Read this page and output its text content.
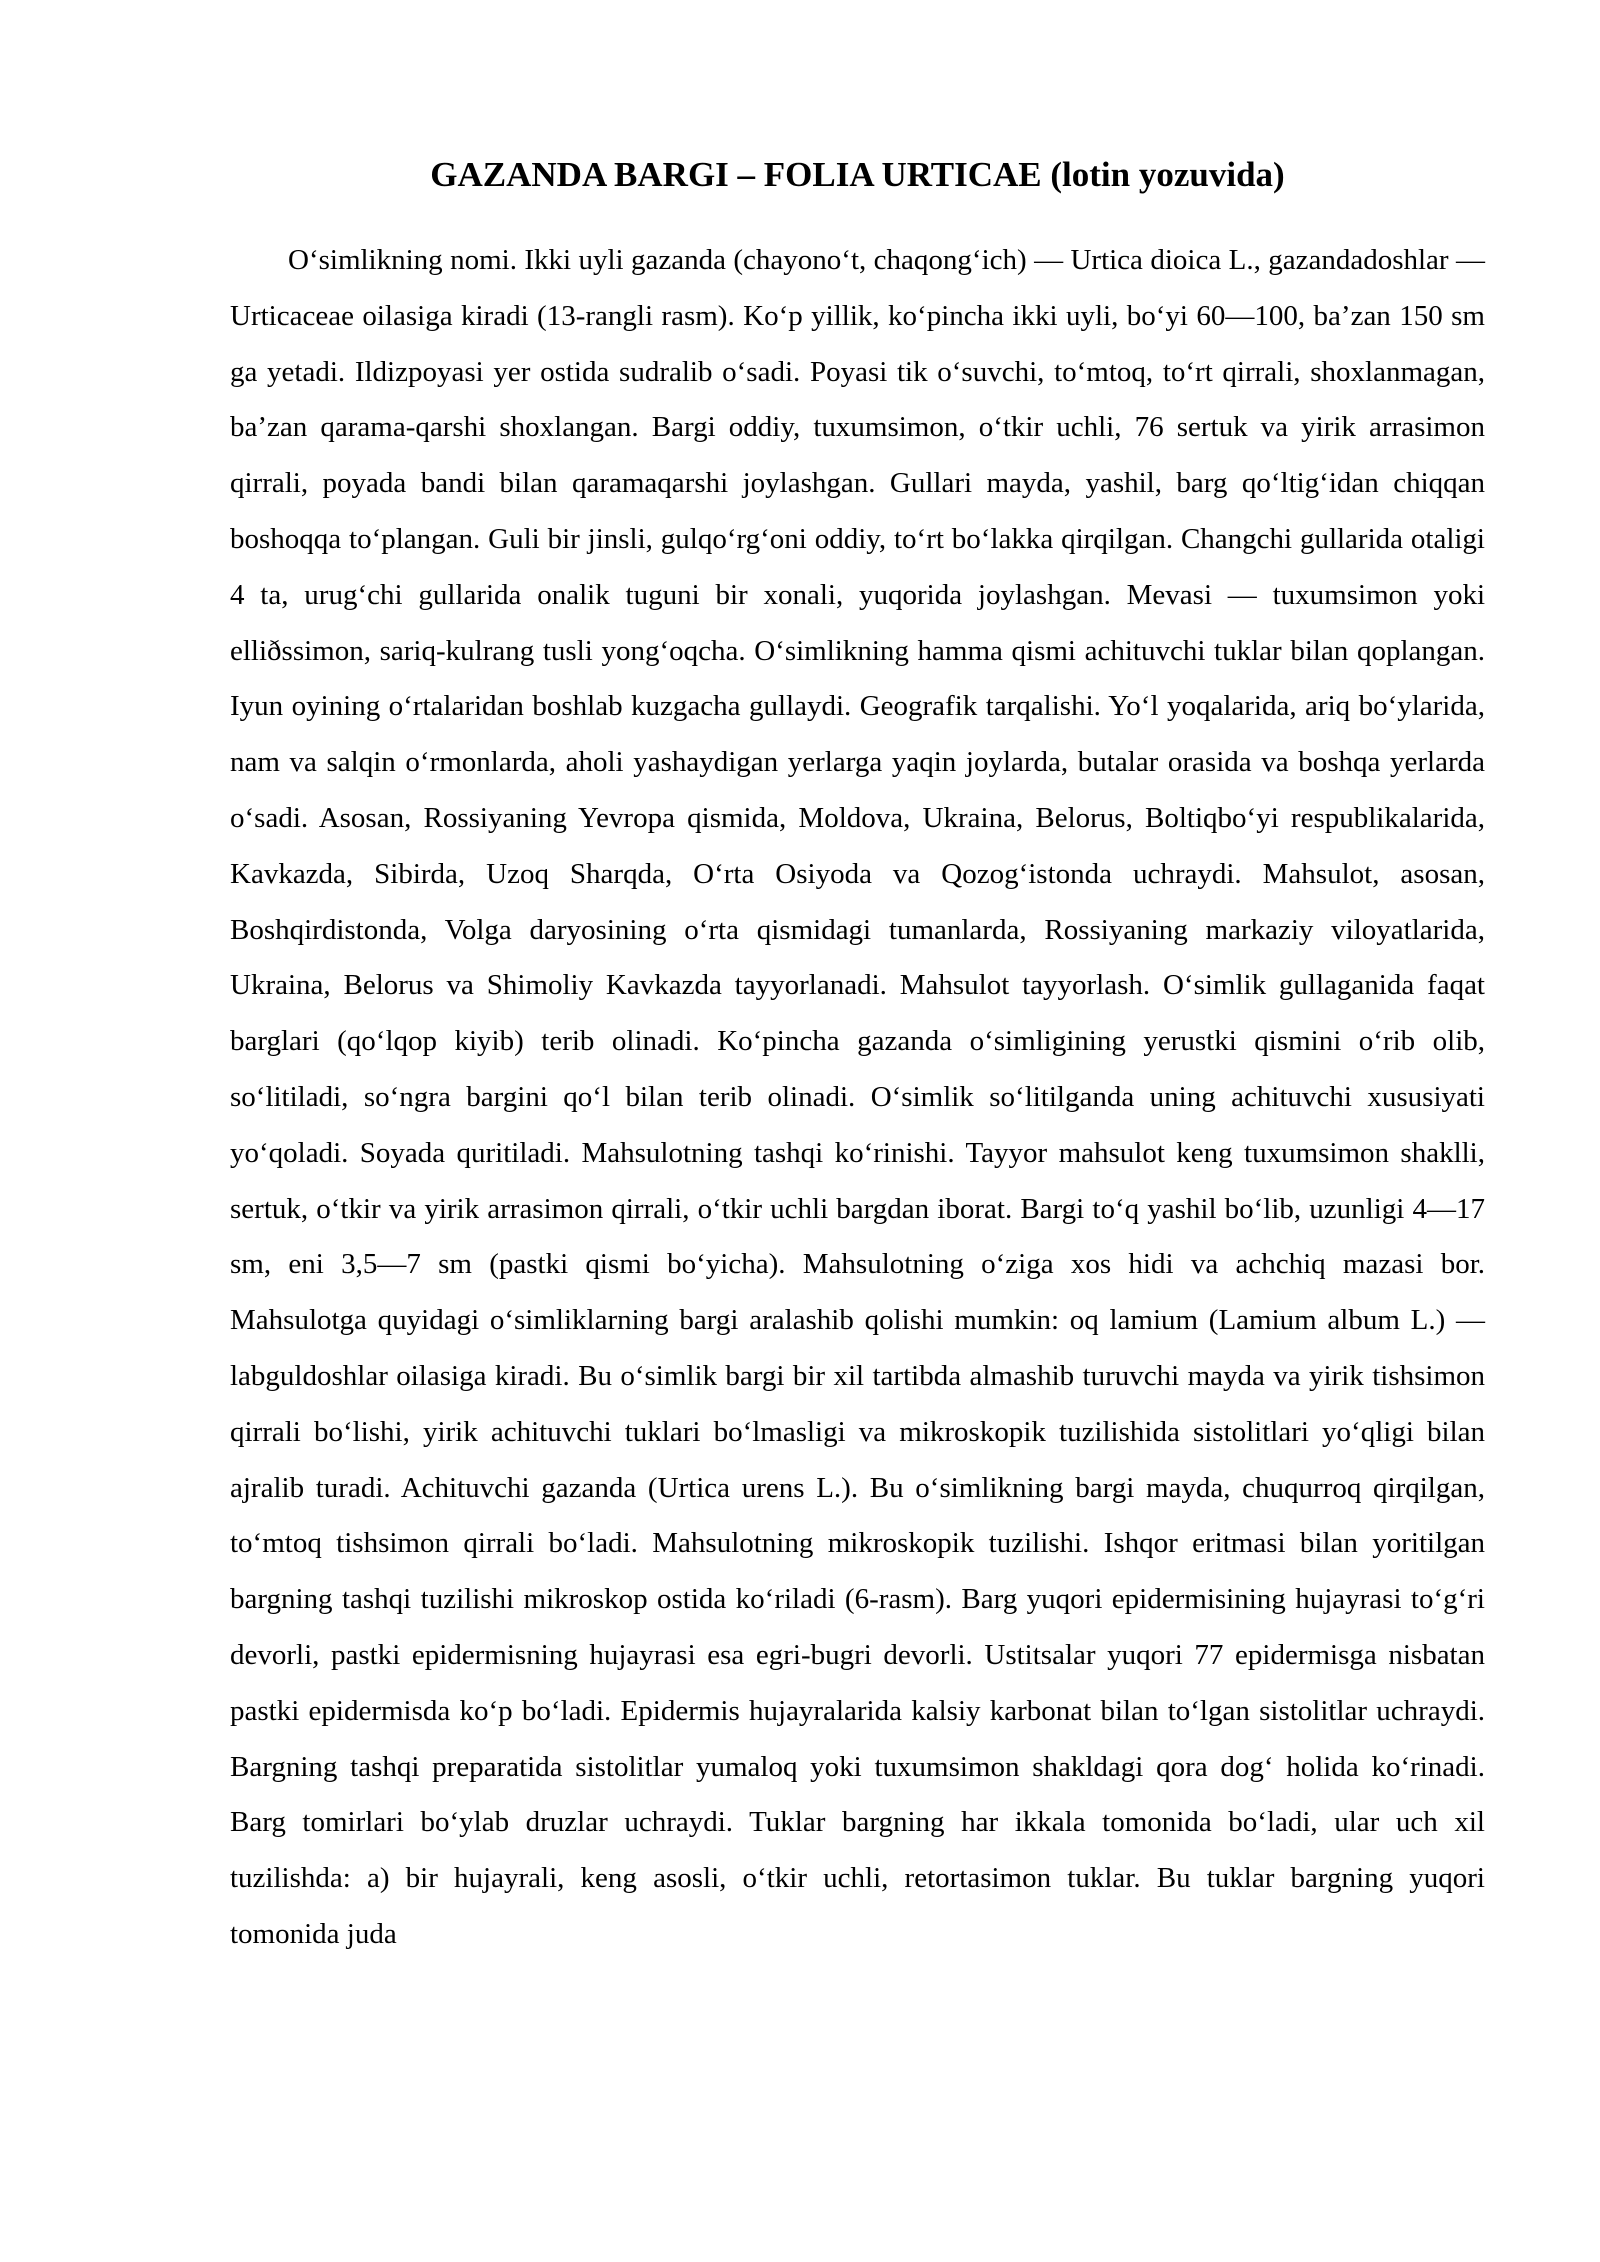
GAZANDA BARGI – FOLIA URTICAE (lotin yozuvida)

O‘simlikning nomi. Ikki uyli gazanda (chayono‘t, chaqong‘ich) — Urtica dioica L., gazandadoshlar — Urticaceae oilasiga kiradi (13-rangli rasm). Ko‘p yillik, ko‘pincha ikki uyli, bo‘yi 60—100, ba’zan 150 sm ga yetadi. Ildizpoyasi yer ostida sudralib o‘sadi. Poyasi tik o‘suvchi, to‘mtoq, to‘rt qirrali, shoxlanmagan, ba’zan qarama-qarshi shoxlangan. Bargi oddiy, tuxumsimon, o‘tkir uchli, 76 sertuk va yirik arrasimon qirrali, poyada bandi bilan qaramaqarshi joylashgan. Gullari mayda, yashil, barg qo‘ltig‘idan chiqqan boshoqqa to‘plangan. Guli bir jinsli, gulqo‘rg‘oni oddiy, to‘rt bo‘lakka qirqilgan. Changchi gullarida otaligi 4 ta, urug‘chi gullarida onalik tuguni bir xonali, yuqorida joylashgan. Mevasi — tuxumsimon yoki elliðssimon, sariq-kulrang tusli yong‘oqcha. O‘simlikning hamma qismi achituvchi tuklar bilan qoplangan. Iyun oyining o‘rtalaridan boshlab kuzgacha gullaydi. Geografik tarqalishi. Yo‘l yoqalarida, ariq bo‘ylarida, nam va salqin o‘rmonlarda, aholi yashaydigan yerlarga yaqin joylarda, butalar orasida va boshqa yerlarda o‘sadi. Asosan, Rossiyaning Yevropa qismida, Moldova, Ukraina, Belorus, Boltiqbo‘yi respublikalarida, Kavkazda, Sibirda, Uzoq Sharqda, O‘rta Osiyoda va Qozog‘istonda uchraydi. Mahsulot, asosan, Boshqirdistonda, Volga daryosining o‘rta qismidagi tumanlarda, Rossiyaning markaziy viloyatlarida, Ukraina, Belorus va Shimoliy Kavkazda tayyorlanadi. Mahsulot tayyorlash. O‘simlik gullaganida faqat barglari (qo‘lqop kiyib) terib olinadi. Ko‘pincha gazanda o‘simligining yerustki qismini o‘rib olib, so‘litiladi, so‘ngra bargini qo‘l bilan terib olinadi. O‘simlik so‘litilganda uning achituvchi xususiyati yo‘qoladi. Soyada quritiladi. Mahsulotning tashqi ko‘rinishi. Tayyor mahsulot keng tuxumsimon shaklli, sertuk, o‘tkir va yirik arrasimon qirrali, o‘tkir uchli bargdan iborat. Bargi to‘q yashil bo‘lib, uzunligi 4—17 sm, eni 3,5—7 sm (pastki qismi bo‘yicha). Mahsulotning o‘ziga xos hidi va achchiq mazasi bor. Mahsulotga quyidagi o‘simliklarning bargi aralashib qolishi mumkin: oq lamium (Lamium album L.) — labguldoshlar oilasiga kiradi. Bu o‘simlik bargi bir xil tartibda almashib turuvchi mayda va yirik tishsimon qirrali bo‘lishi, yirik achituvchi tuklari bo‘lmasligi va mikroskopik tuzilishida sistolitlari yo‘qligi bilan ajralib turadi. Achituvchi gazanda (Urtica urens L.). Bu o‘simlikning bargi mayda, chuqurroq qirqilgan, to‘mtoq tishsimon qirrali bo‘ladi. Mahsulotning mikroskopik tuzilishi. Ishqor eritmasi bilan yoritilgan bargning tashqi tuzilishi mikroskop ostida ko‘riladi (6-rasm). Barg yuqori epidermisining hujayrasi to‘g‘ri devorli, pastki epidermisning hujayrasi esa egri-bugri devorli. Ustitsalar yuqori 77 epidermisga nisbatan pastki epidermisda ko‘p bo‘ladi. Epidermis hujayralarida kalsiy karbonat bilan to‘lgan sistolitlar uchraydi. Bargning tashqi preparatida sistolitlar yumaloq yoki tuxumsimon shakldagi qora dog‘ holida ko‘rinadi. Barg tomirlari bo‘ylab druzlar uchraydi. Tuklar bargning har ikkala tomonida bo‘ladi, ular uch xil tuzilishda: a) bir hujayrali, keng asosli, o‘tkir uchli, retortasimon tuklar. Bu tuklar bargning yuqori tomonida juda
